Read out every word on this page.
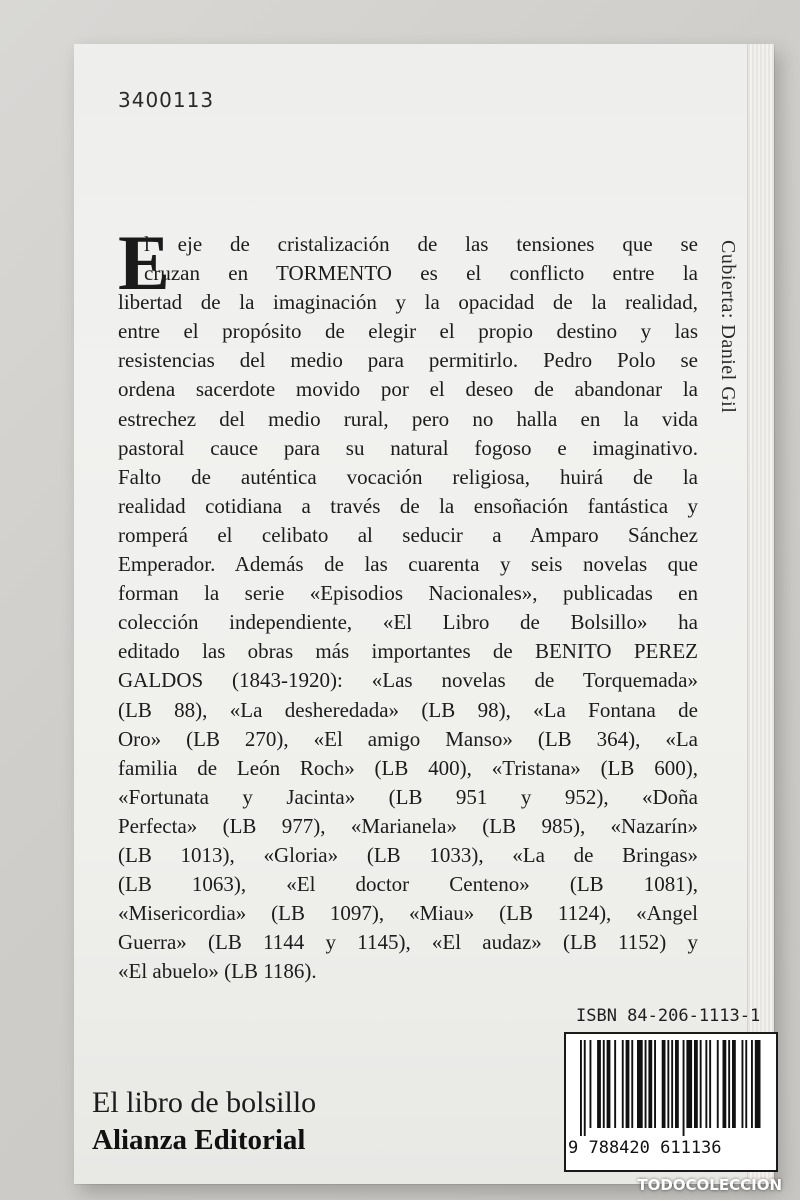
3400113
E
l eje de cristalización de las tensiones que se
cruzan en TORMENTO es el conflicto entre la
libertad de la imaginación y la opacidad de la realidad,
entre el propósito de elegir el propio destino y las
resistencias del medio para permitirlo. Pedro Polo se
ordena sacerdote movido por el deseo de abandonar la
estrechez del medio rural, pero no halla en la vida
pastoral cauce para su natural fogoso e imaginativo.
Falto de auténtica vocación religiosa, huirá de la
realidad cotidiana a través de la ensoñación fantástica y
romperá el celibato al seducir a Amparo Sánchez
Emperador. Además de las cuarenta y seis novelas que
forman la serie «Episodios Nacionales», publicadas en
colección independiente, «El Libro de Bolsillo» ha
editado las obras más importantes de BENITO PEREZ
GALDOS (1843-1920): «Las novelas de Torquemada»
(LB 88), «La desheredada» (LB 98), «La Fontana de
Oro» (LB 270), «El amigo Manso» (LB 364), «La
familia de León Roch» (LB 400), «Tristana» (LB 600),
«Fortunata y Jacinta» (LB 951 y 952), «Doña
Perfecta» (LB 977), «Marianela» (LB 985), «Nazarín»
(LB 1013), «Gloria» (LB 1033), «La de Bringas»
(LB 1063), «El doctor Centeno» (LB 1081),
«Misericordia» (LB 1097), «Miau» (LB 1124), «Angel
Guerra» (LB 1144 y 1145), «El audaz» (LB 1152) y
«El abuelo» (LB 1186).
Cubierta: Daniel Gil
El libro de bolsillo
Alianza Editorial
ISBN 84-206-1113-1
9 788420 611136
TODOCOLECCION
